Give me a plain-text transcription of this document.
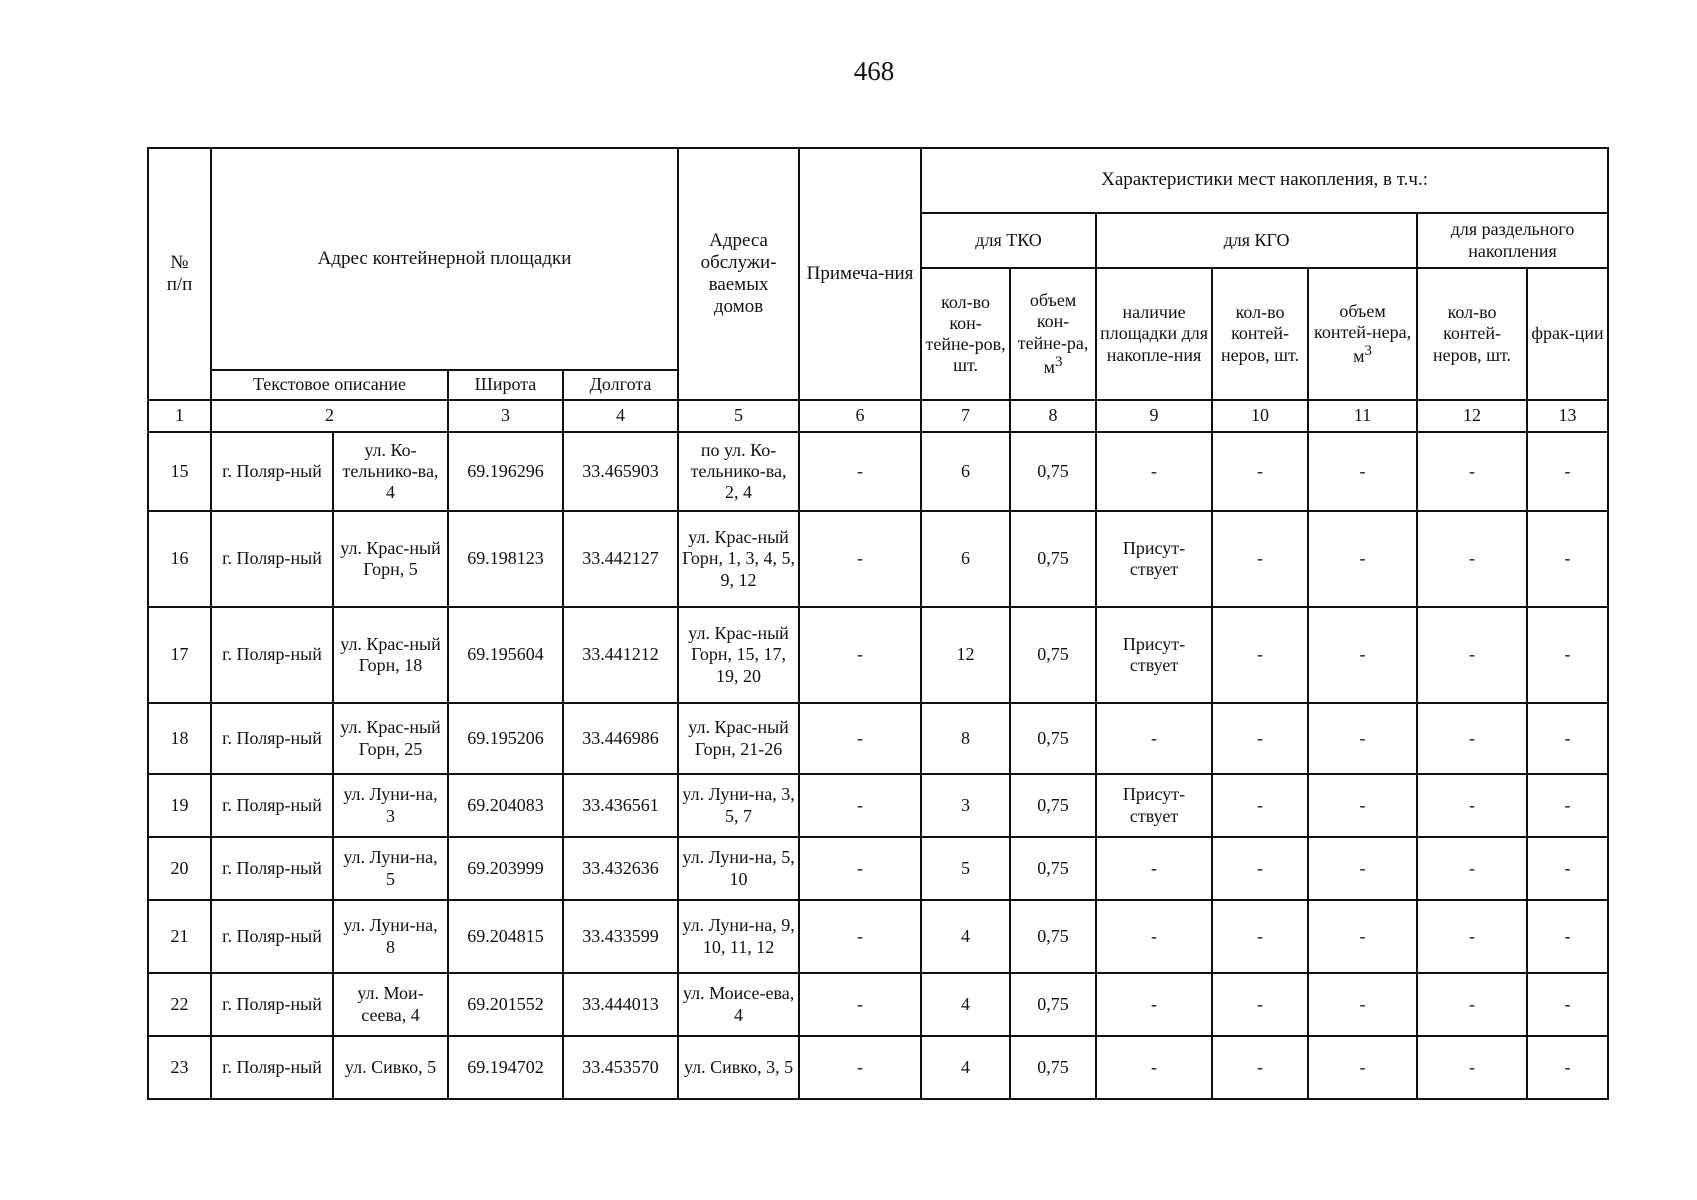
468
№
п/п	Адрес контейнерной площадки				Адреса обслужи-ваемых домов	Примеча-ния	Характеристики мест накопления, в т.ч.:						
							для ТКО		для КГО			для раздельного накопления	
							кол-во кон-тейне-ров, шт.	объем кон-тейне-ра, $м^3$	наличие площадки для накопле-ния	кол-во контей-неров, шт.	объем контей-нера, $м^3$	кол-во контей-неров, шт.	фрак-ции
	Текстовое описание		Широта	Долгота									
1	2		3	4	5	6	7	8	9	10	11	12	13
15	г. Поляр-ный	ул. Ко-тельнико-ва, 4	69.196296	33.465903	по ул. Ко-тельнико-ва, 2, 4	-	6	0,75	-	-	-	-	-
16	г. Поляр-ный	ул. Крас-ный Горн, 5	69.198123	33.442127	ул. Крас-ный Горн, 1, 3, 4, 5, 9, 12	-	6	0,75	Присут-ствует	-	-	-	-
17	г. Поляр-ный	ул. Крас-ный Горн, 18	69.195604	33.441212	ул. Крас-ный Горн, 15, 17, 19, 20	-	12	0,75	Присут-ствует	-	-	-	-
18	г. Поляр-ный	ул. Крас-ный Горн, 25	69.195206	33.446986	ул. Крас-ный Горн, 21-26	-	8	0,75	-	-	-	-	-
19	г. Поляр-ный	ул. Луни-на, 3	69.204083	33.436561	ул. Луни-на, 3, 5, 7	-	3	0,75	Присут-ствует	-	-	-	-
20	г. Поляр-ный	ул. Луни-на, 5	69.203999	33.432636	ул. Луни-на, 5, 10	-	5	0,75	-	-	-	-	-
21	г. Поляр-ный	ул. Луни-на, 8	69.204815	33.433599	ул. Луни-на, 9, 10, 11, 12	-	4	0,75	-	-	-	-	-
22	г. Поляр-ный	ул. Мои-сеева, 4	69.201552	33.444013	ул. Моисе-ева, 4	-	4	0,75	-	-	-	-	-
23	г. Поляр-ный	ул. Сивко, 5	69.194702	33.453570	ул. Сивко, 3, 5	-	4	0,75	-	-	-	-	-
